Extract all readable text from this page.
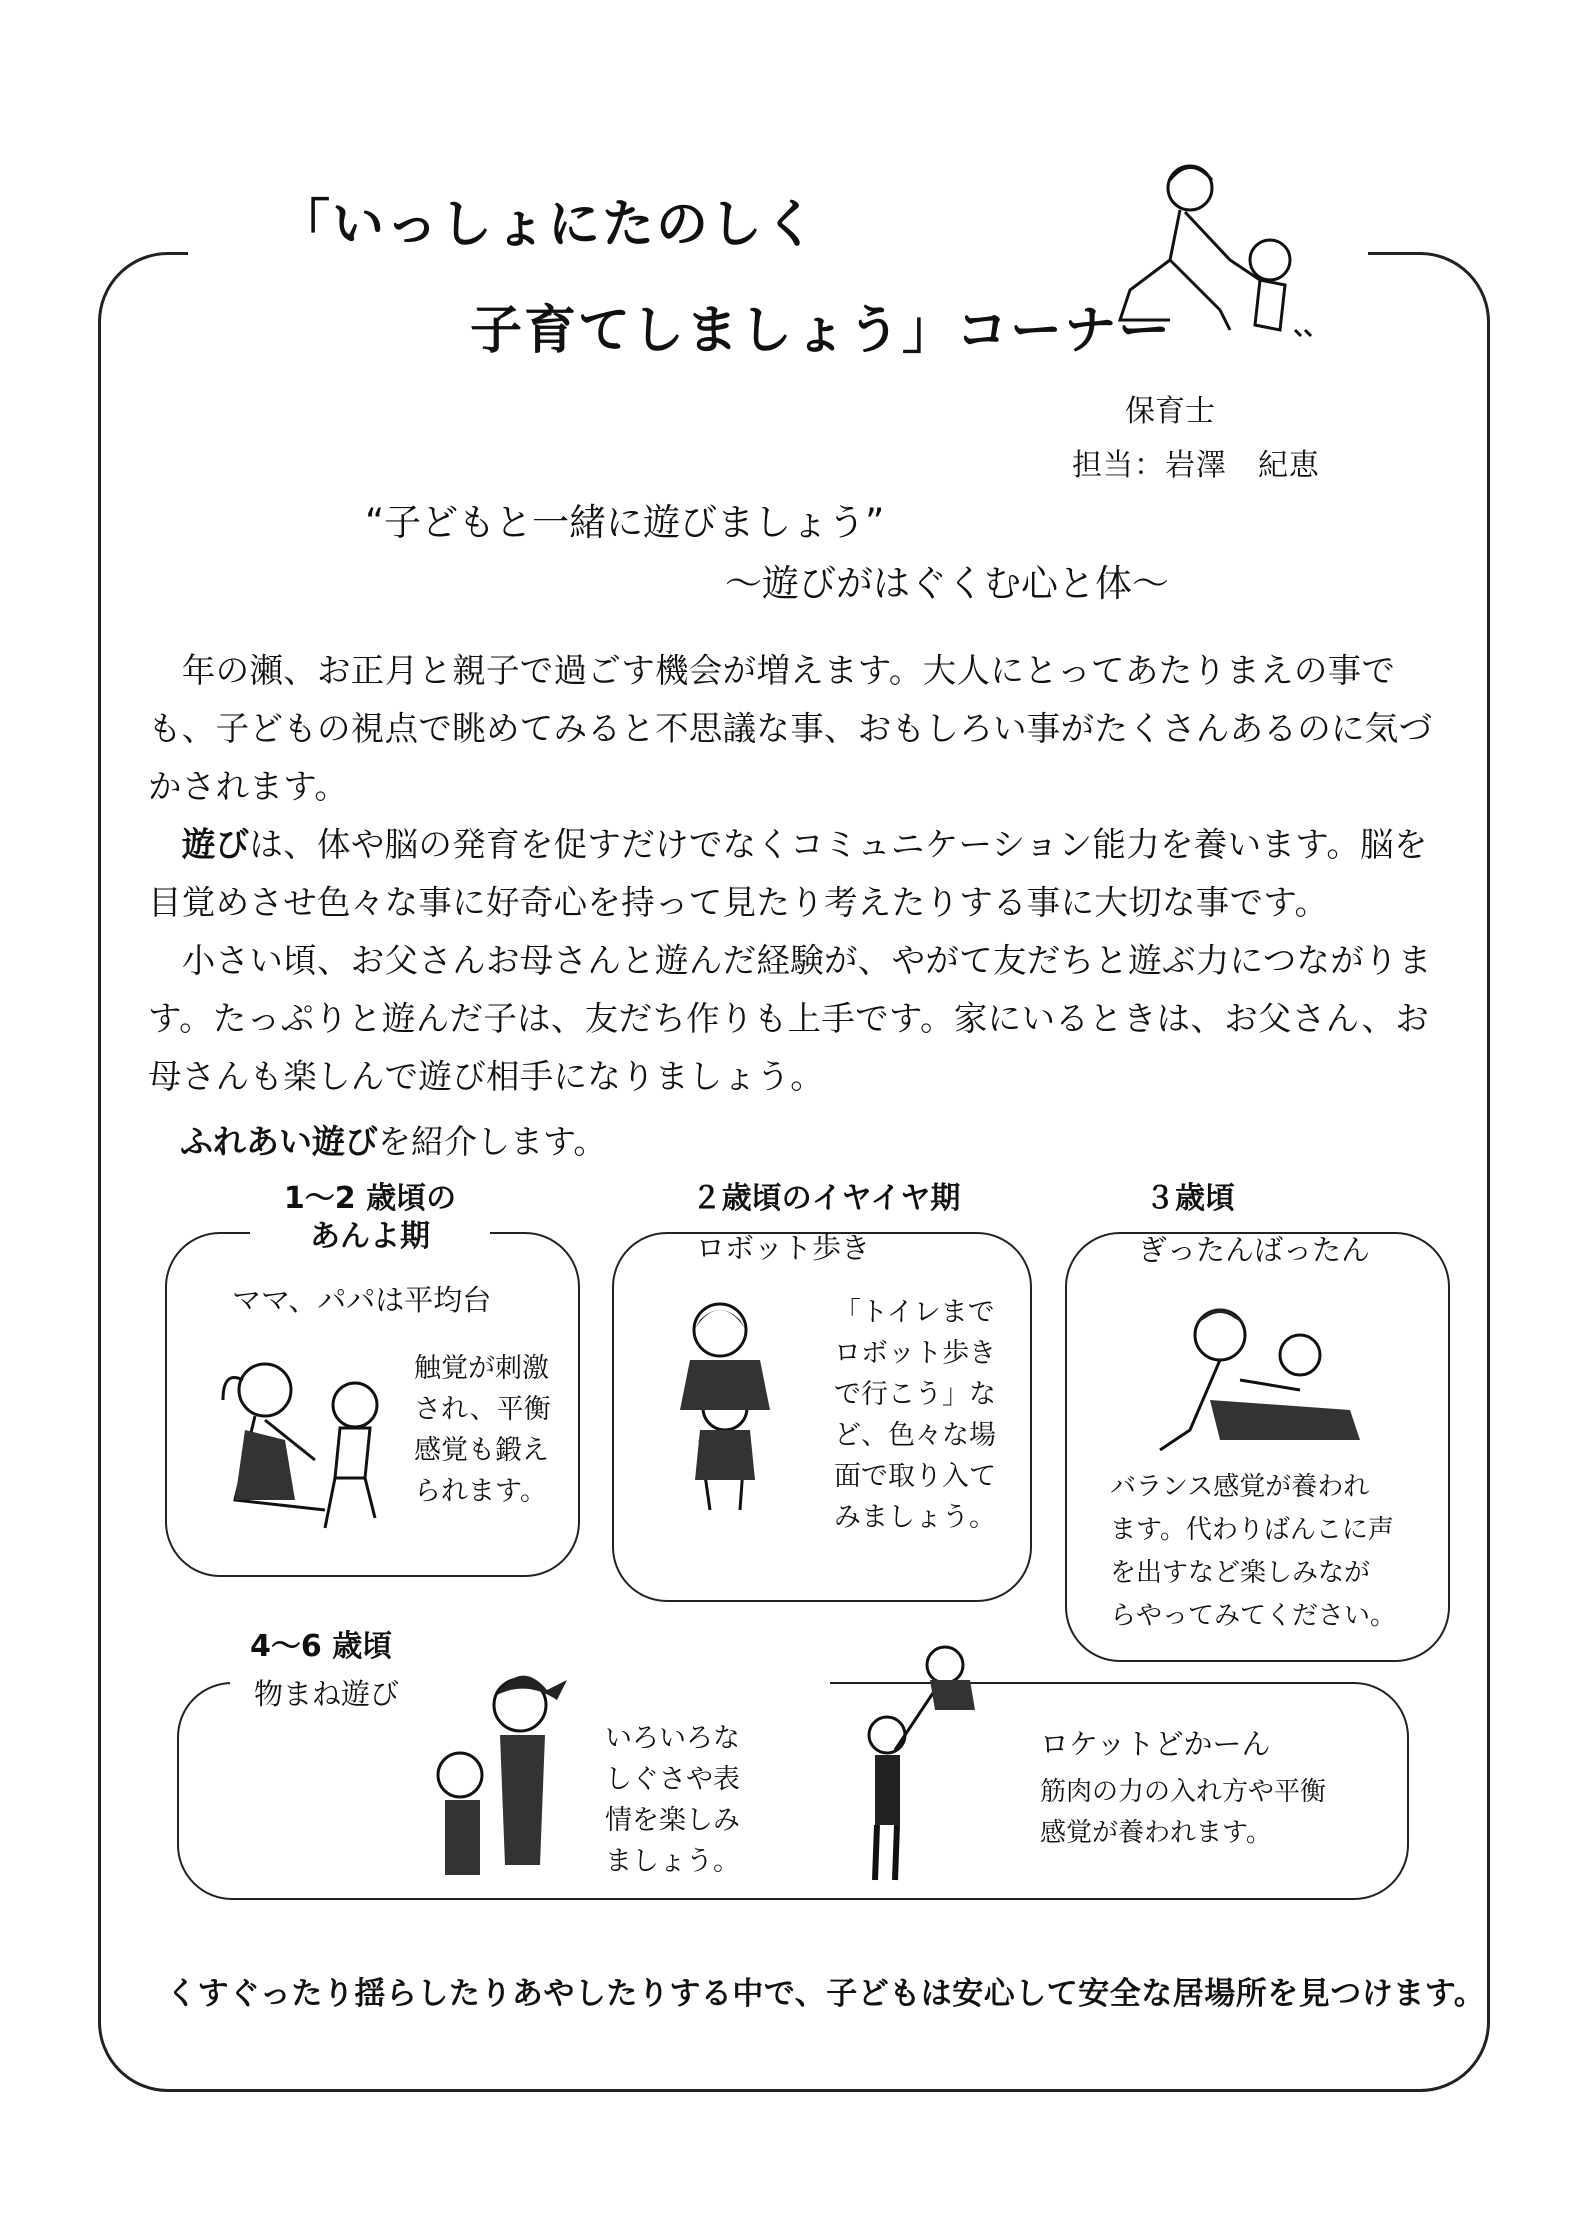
「いっしょにたのしく
子育てしましょう」コーナー
保育士
担当：岩澤　紀恵
“子どもと一緒に遊びましょう”
～遊びがはぐくむ心と体～

　年の瀬、お正月と親子で過ごす機会が増えます。大人にとってあたりまえの事でも、子どもの視点で眺めてみると不思議な事、おもしろい事がたくさんあるのに気づかされます。

　遊びは、体や脳の発育を促すだけでなくコミュニケーション能力を養います。脳を目覚めさせ色々な事に好奇心を持って見たり考えたりする事に大切な事です。

　小さい頃、お父さんお母さんと遊んだ経験が、やがて友だちと遊ぶ力につながります。たっぷりと遊んだ子は、友だち作りも上手です。家にいるときは、お父さん、お母さんも楽しんで遊び相手になりましょう。

ふれあい遊びを紹介します。
1～2 歳頃の
あんよ期
ママ、パパは平均台
触覚が刺激
され、平衡
感覚も鍛え
られます。
２歳頃のイヤイヤ期
ロボット歩き
「トイレまで
ロボット歩き
で行こう」な
ど、色々な場
面で取り入て
みましょう。
３歳頃
ぎったんばったん
バランス感覚が養われ
ます。代わりばんこに声
を出すなど楽しみなが
らやってみてください。
4～6 歳頃
物まね遊び
いろいろな
しぐさや表
情を楽しみ
ましょう。
ロケットどかーん
筋肉の力の入れ方や平衡
感覚が養われます。
くすぐったり揺らしたりあやしたりする中で、子どもは安心して安全な居場所を見つけます。
